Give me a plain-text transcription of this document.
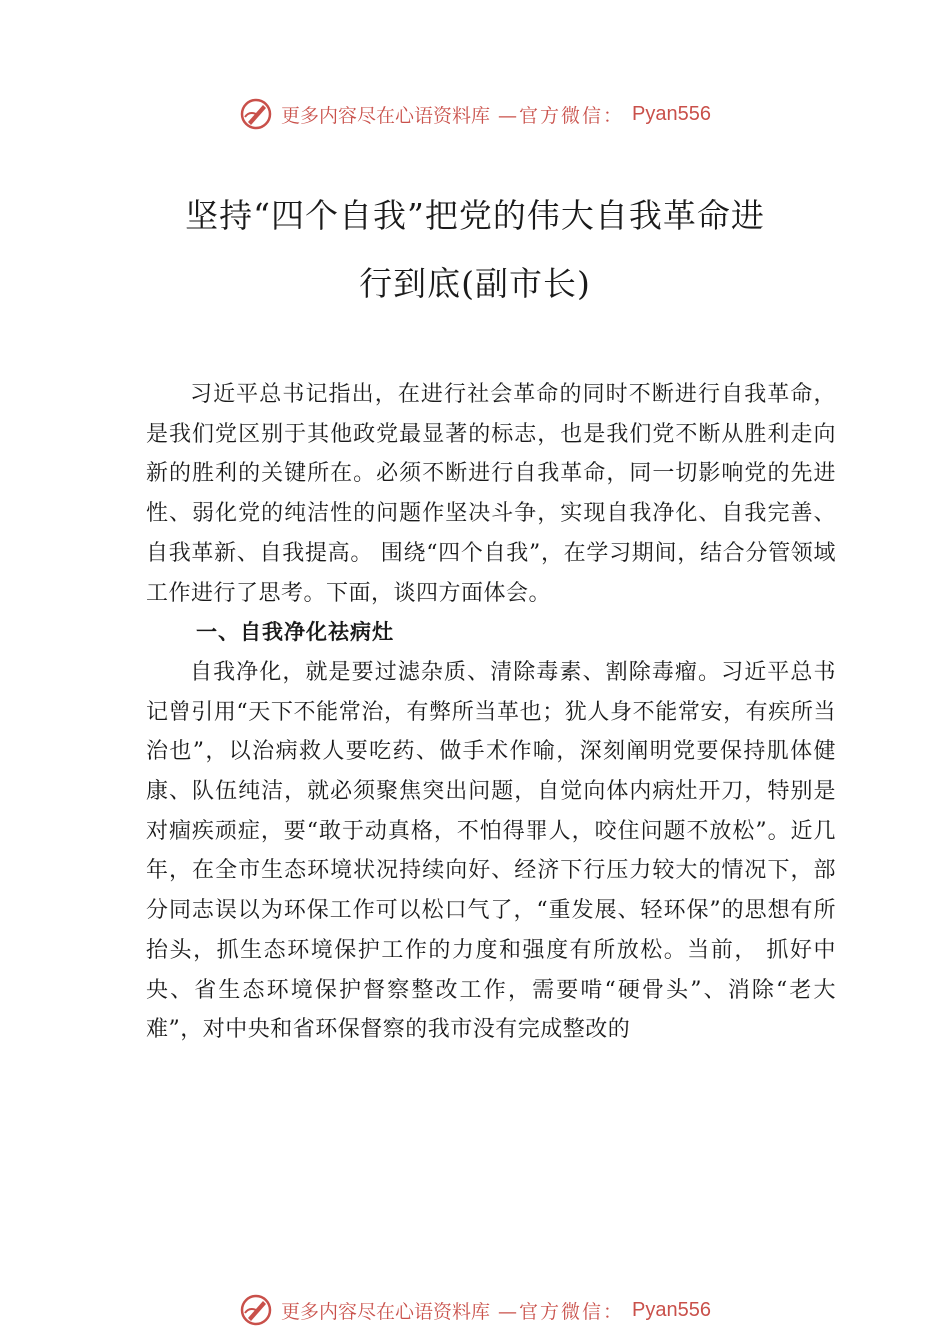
更多内容尽在心语资料库 —官方微信： Pyan556
坚持“四个自我”把党的伟大自我革命进
行到底(副市长)

习近平总书记指出，在进行社会革命的同时不断进行自我革命，是我们党区别于其他政党最显著的标志，也是我们党不断从胜利走向新的胜利的关键所在。必须不断进行自我革命，同一切影响党的先进性、弱化党的纯洁性的问题作坚决斗争，实现自我净化、自我完善、自我革新、自我提高。 围绕“四个自我”，在学习期间，结合分管领域工作进行了思考。下面，谈四方面体会。

一、自我净化祛病灶

自我净化，就是要过滤杂质、清除毒素、割除毒瘤。习近平总书记曾引用“天下不能常治，有弊所当革也；犹人身不能常安，有疾所当治也”，以治病救人要吃药、做手术作喻，深刻阐明党要保持肌体健康、队伍纯洁，就必须聚焦突出问题，自觉向体内病灶开刀，特别是对痼疾顽症，要“敢于动真格，不怕得罪人，咬住问题不放松”。近几年，在全市生态环境状况持续向好、经济下行压力较大的情况下，部分同志误以为环保工作可以松口气了，“重发展、轻环保”的思想有所抬头，抓生态环境保护工作的力度和强度有所放松。当前， 抓好中央、省生态环境保护督察整改工作，需要啃“硬骨头”、消除“老大难”，对中央和省环保督察的我市没有完成整改的

更多内容尽在心语资料库 —官方微信： Pyan556
